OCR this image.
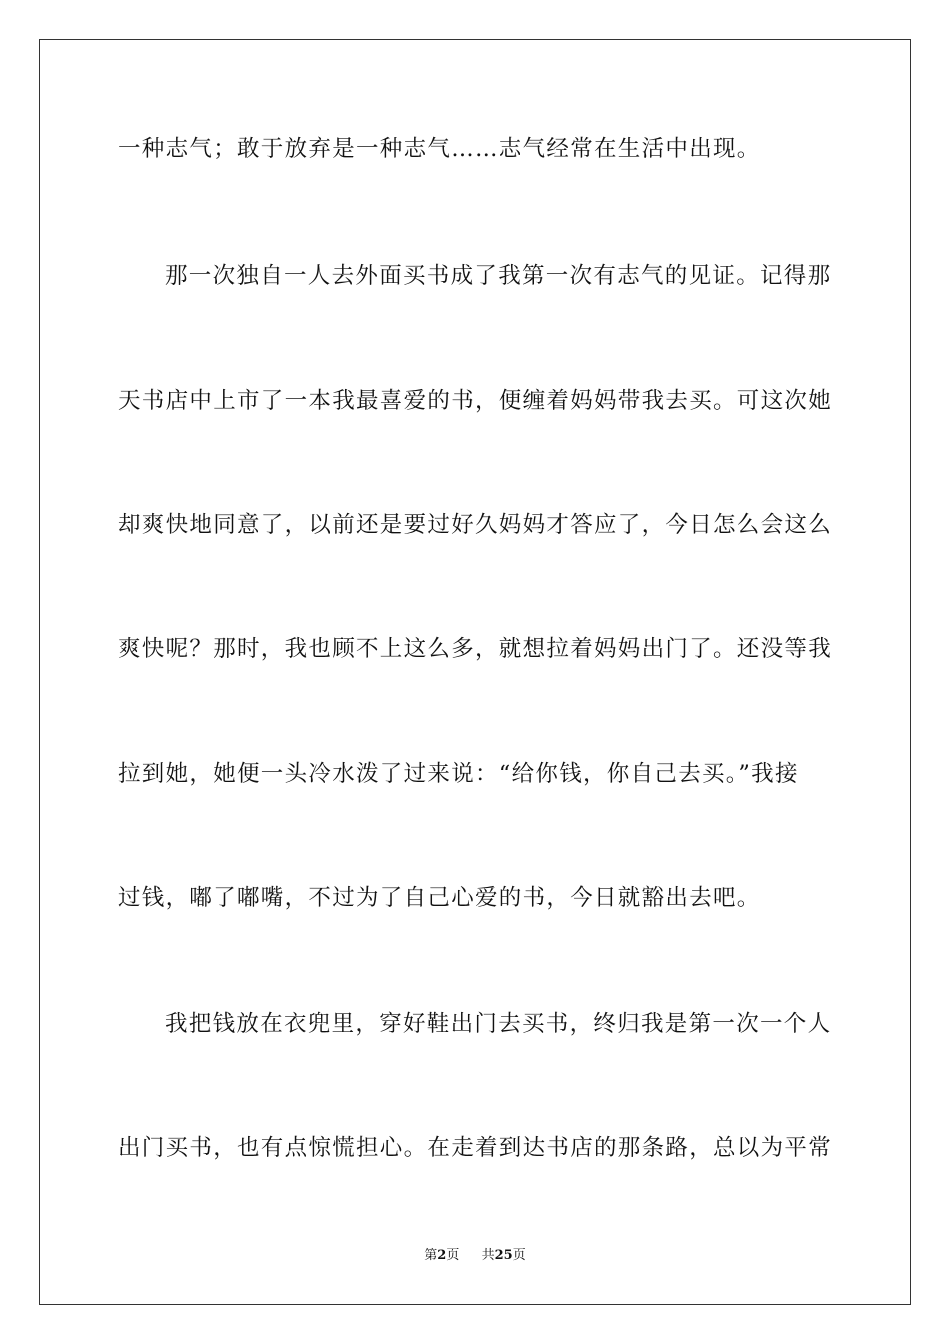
一种志气；敢于放弃是一种志气……志气经常在生活中出现。
那一次独自一人去外面买书成了我第一次有志气的见证。记得那
天书店中上市了一本我最喜爱的书，便缠着妈妈带我去买。可这次她
却爽快地同意了，以前还是要过好久妈妈才答应了，今日怎么会这么
爽快呢？那时，我也顾不上这么多，就想拉着妈妈出门了。还没等我
拉到她，她便一头冷水泼了过来说：“给你钱，你自己去买。”我接
过钱，嘟了嘟嘴，不过为了自己心爱的书，今日就豁出去吧。
我把钱放在衣兜里，穿好鞋出门去买书，终归我是第一次一个人
出门买书，也有点惊慌担心。在走着到达书店的那条路，总以为平常
第2页 共25页
